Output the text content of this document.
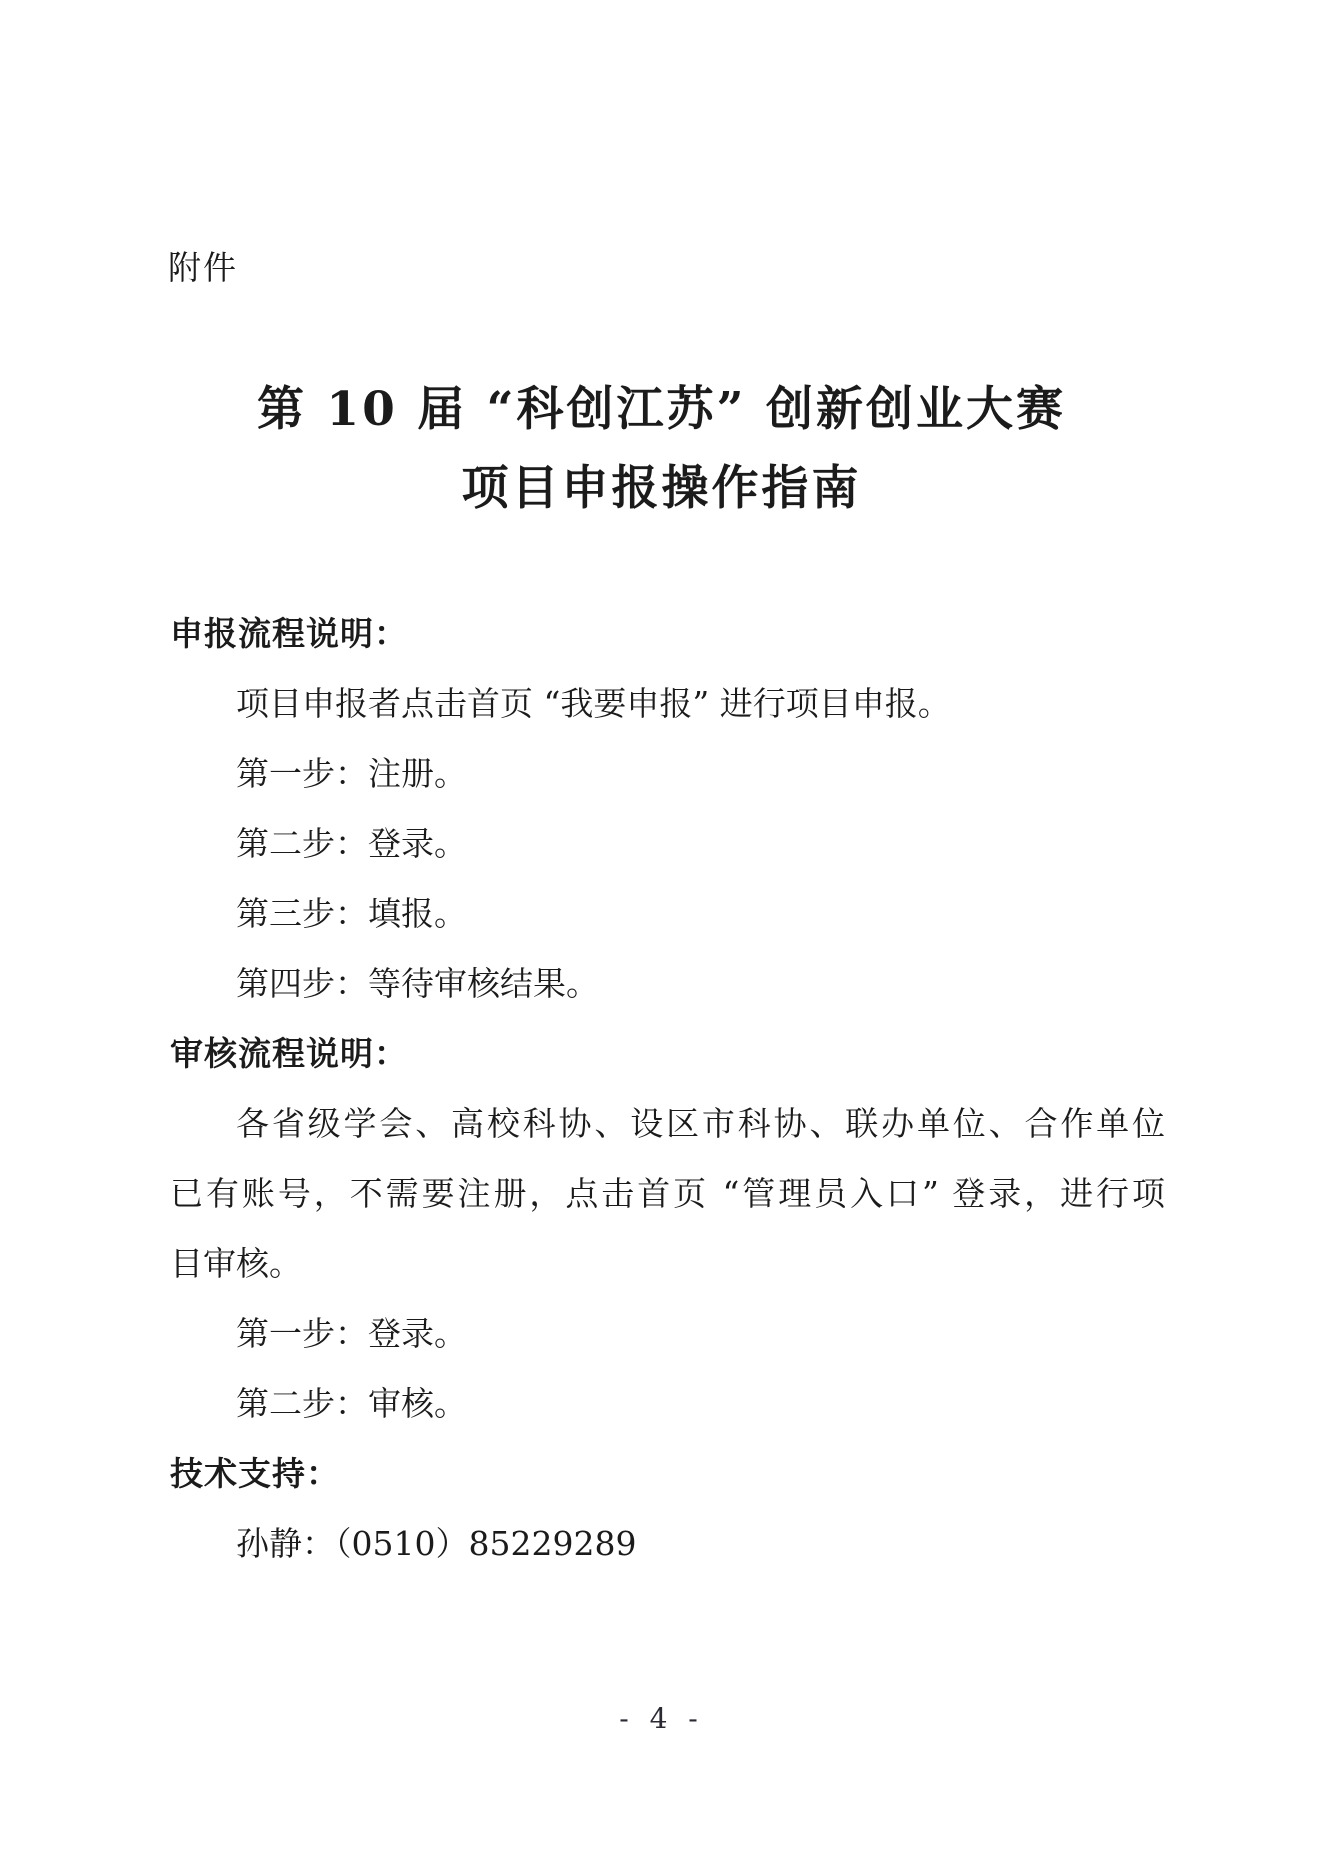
附件
第 10 届 “科创江苏” 创新创业大赛
项目申报操作指南
申报流程说明：
项目申报者点击首页 “我要申报” 进行项目申报。
第一步：注册。
第二步：登录。
第三步：填报。
第四步：等待审核结果。
审核流程说明：
各省级学会、高校科协、设区市科协、联办单位、合作单位
已有账号，不需要注册，点击首页 “管理员入口” 登录，进行项
目审核。
第一步：登录。
第二步：审核。
技术支持：
孙静：（0510）85229289
- 4 -
